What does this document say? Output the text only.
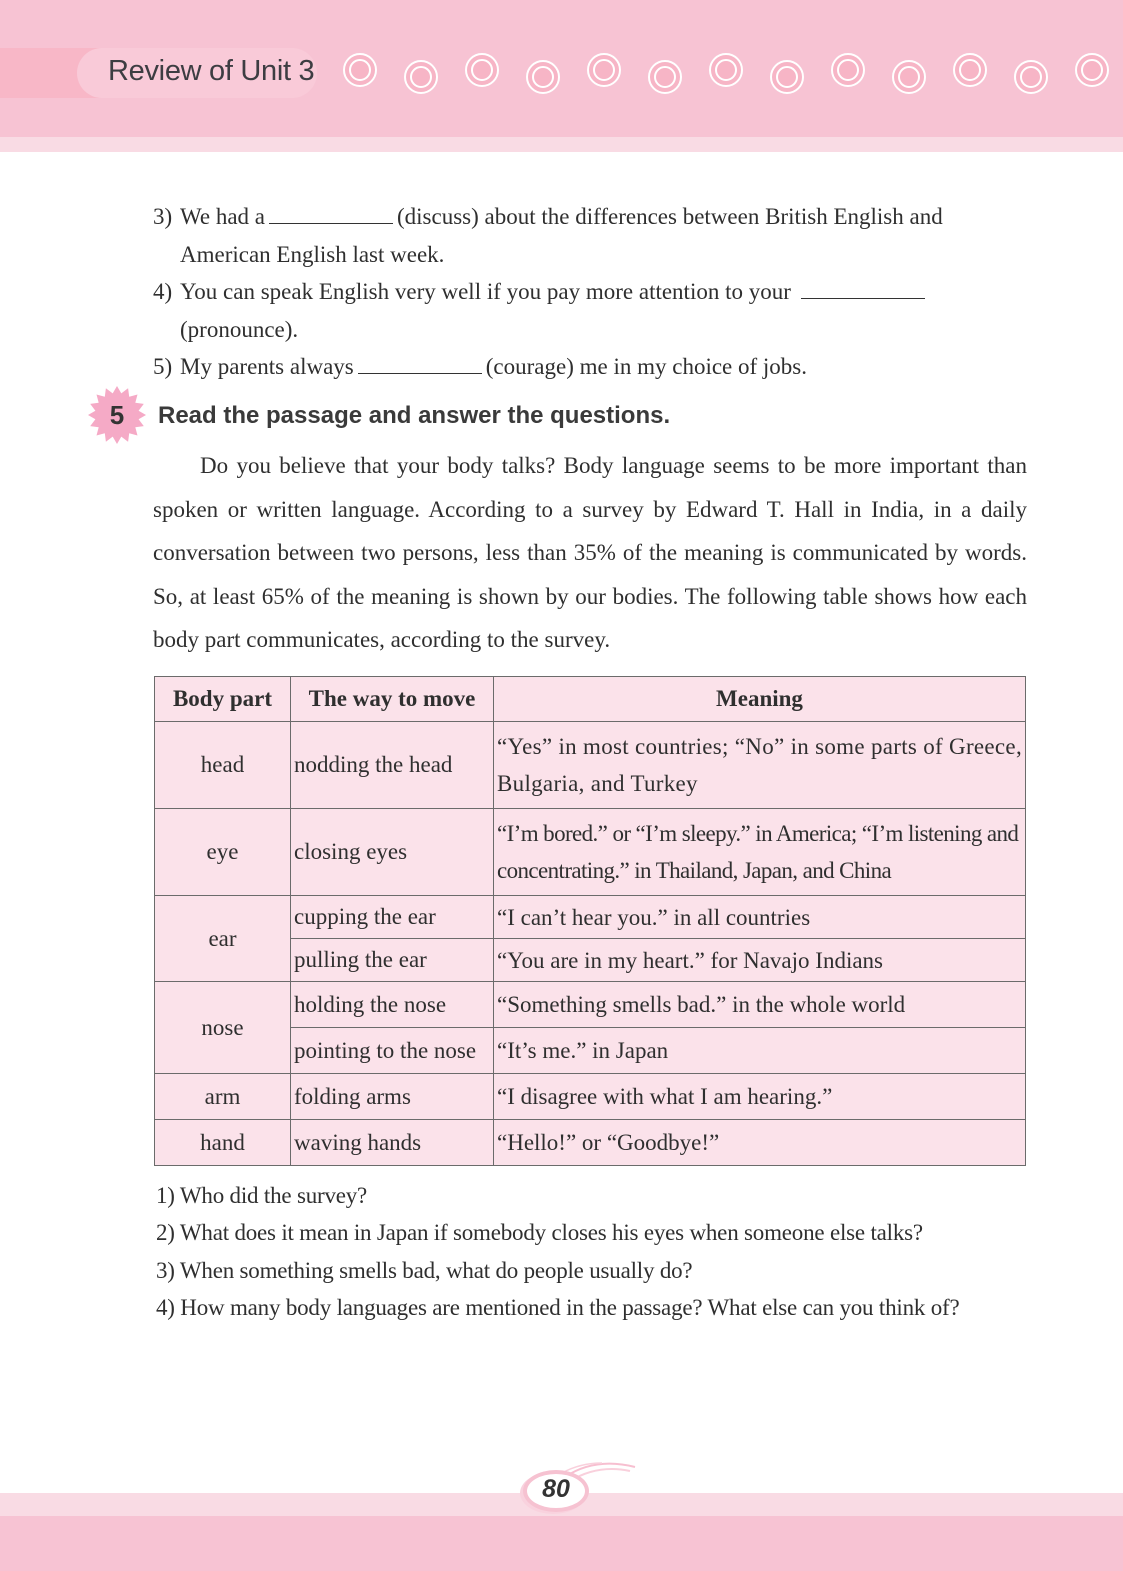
Review of Unit 3
3) We had a	(discuss) about the differences between British English and
American English last week.
4) You can speak English very well if you pay more attention to your
(pronounce).
5) My parents always	(courage) me in my choice of jobs.
5	Read the passage and answer the questions.

Do you believe that your body talks? Body language seems to be more important than spoken or written language. According to a survey by Edward T. Hall in India, in a daily conversation between two persons, less than 35% of the meaning is communicated by words. So, at least 65% of the meaning is shown by our bodies. The following table shows how each body part communicates, according to the survey.

Body part	The way to move	Meaning
head	nodding the head	“Yes” in most countries; “No” in some parts of Greece, Bulgaria, and Turkey
eye	closing eyes	“I’m bored.” or “I’m sleepy.” in America; “I’m listening and concentrating.” in Thailand, Japan, and China
ear	cupping the ear	“I can’t hear you.” in all countries
	pulling the ear	“You are in my heart.” for Navajo Indians
nose	holding the nose	“Something smells bad.” in the whole world
	pointing to the nose	“It’s me.” in Japan
arm	folding arms	“I disagree with what I am hearing.”
hand	waving hands	“Hello!” or “Goodbye!”
1) Who did the survey?
2) What does it mean in Japan if somebody closes his eyes when someone else talks?
3) When something smells bad, what do people usually do?
4) How many body languages are mentioned in the passage? What else can you think of?
80
